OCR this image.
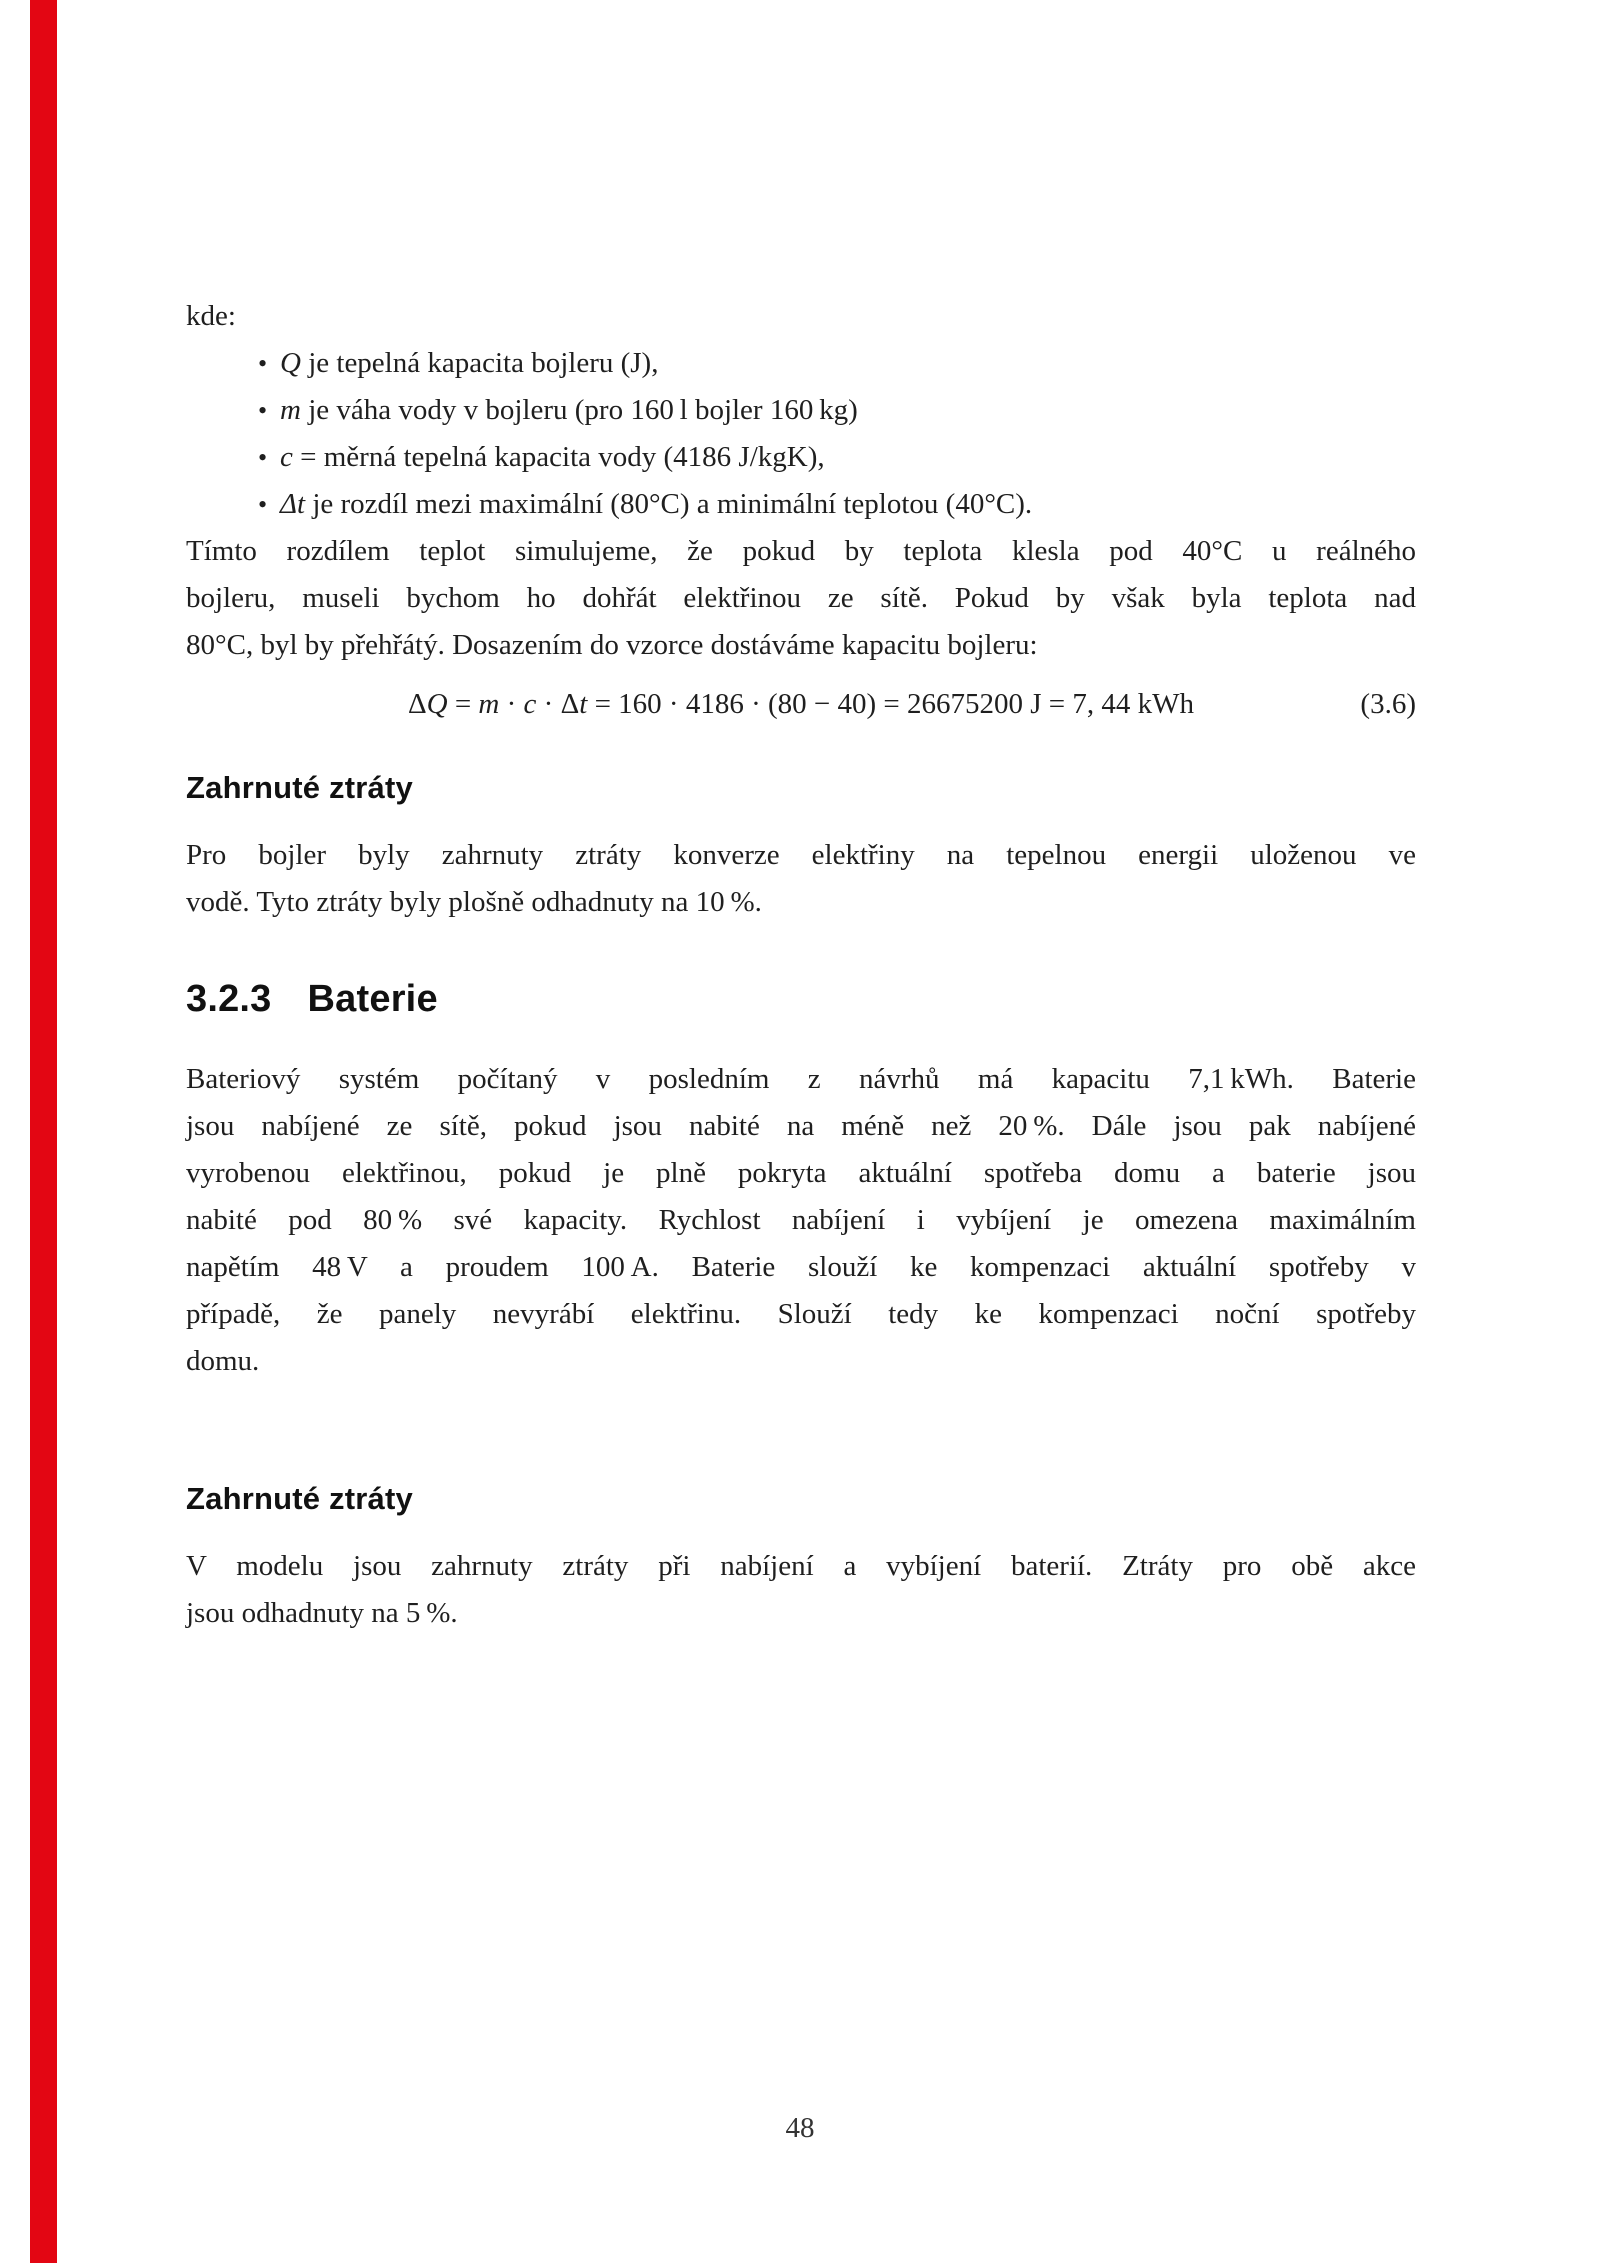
kde:
• Q je tepelná kapacita bojleru (J),
• m je váha vody v bojleru (pro 160 l bojler 160 kg)
• c = měrná tepelná kapacita vody (4186 J/kgK),
• Δt je rozdíl mezi maximální (80°C) a minimální teplotou (40°C).
Tímto rozdílem teplot simulujeme, že pokud by teplota klesla pod 40°C u reálného
bojleru, museli bychom ho dohřát elektřinou ze sítě. Pokud by však byla teplota nad
80°C, byl by přehřátý. Dosazením do vzorce dostáváme kapacitu bojleru:
ΔQ = m · c · Δt = 160 · 4186 · (80 − 40) = 26675200 J = 7, 44 kWh	(3.6)
Zahrnuté ztráty
Pro bojler byly zahrnuty ztráty konverze elektřiny na tepelnou energii uloženou ve
vodě. Tyto ztráty byly plošně odhadnuty na 10 %.
3.2.3 Baterie
Bateriový systém počítaný v posledním z návrhů má kapacitu 7,1 kWh. Baterie
jsou nabíjené ze sítě, pokud jsou nabité na méně než 20 %. Dále jsou pak nabíjené
vyrobenou elektřinou, pokud je plně pokryta aktuální spotřeba domu a baterie jsou
nabité pod 80 % své kapacity. Rychlost nabíjení i vybíjení je omezena maximálním
napětím 48 V a proudem 100 A. Baterie slouží ke kompenzaci aktuální spotřeby v
případě, že panely nevyrábí elektřinu. Slouží tedy ke kompenzaci noční spotřeby
domu.
Zahrnuté ztráty
V modelu jsou zahrnuty ztráty při nabíjení a vybíjení baterií. Ztráty pro obě akce
jsou odhadnuty na 5 %.
48
